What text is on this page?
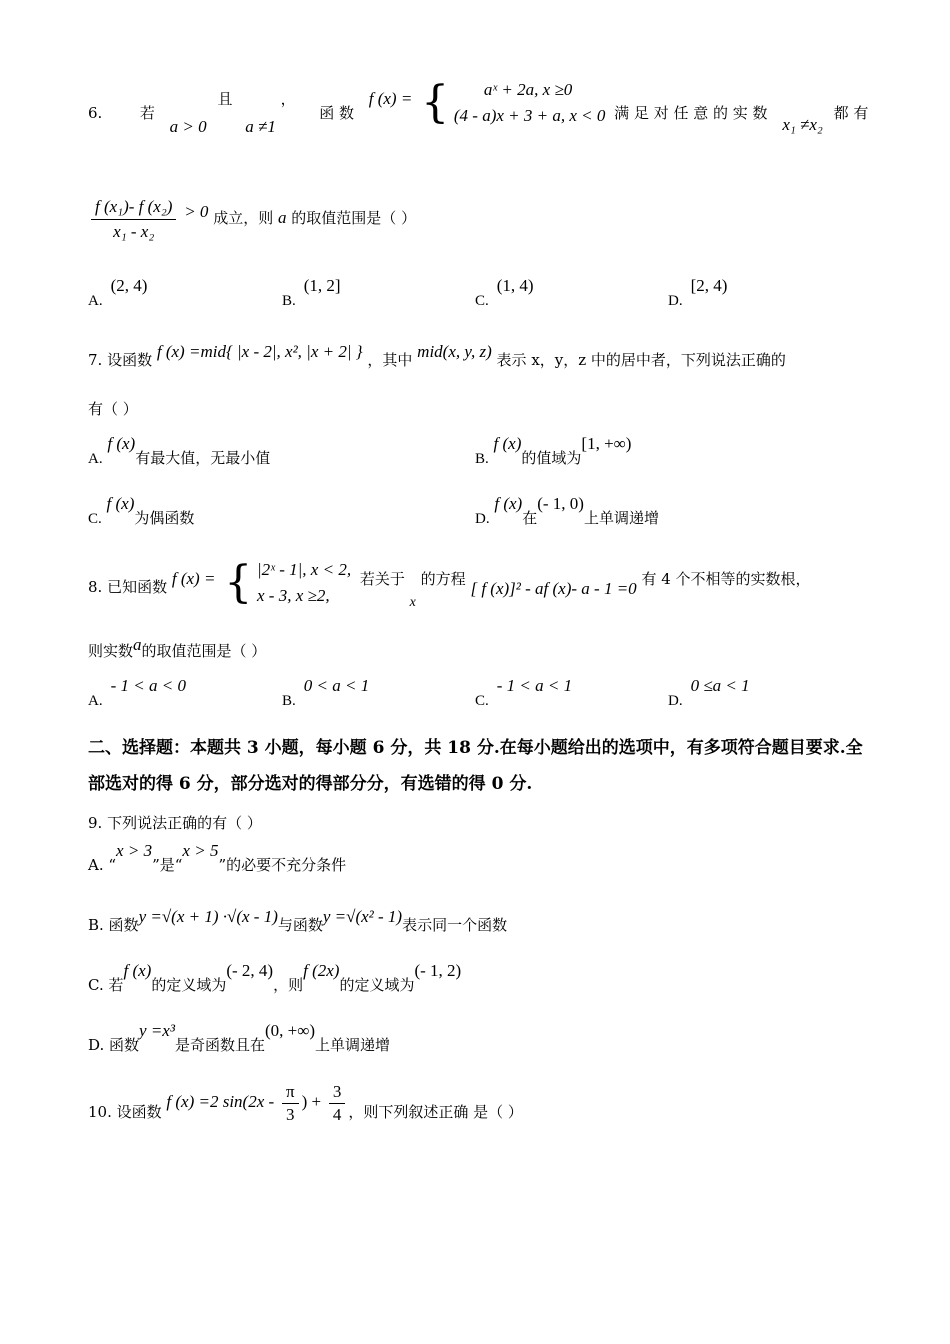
6.	若 a > 0 且 a ≠1 ，  函 数 f (x) = {	aˣ + 2a, x ≥0
(4 - a)x + 3 + a, x < 0 满 足 对 任 意 的 实 数 x₁ ≠x₂ 都 有
$\frac{\text{f (x₁)- f (x₂)}}{\text{x₁ - x₂}} > 0$ 成立，则 a 的取值范围是（ ）
A.(2, 4)
B.(1, 2]
C.(1, 4)
D.[2, 4)
7. 设函数 f (x) =mid{ |x - 2|, x², |x + 2| } ，其中 mid(x, y, z) 表示 x，y，z 中的居中者，下列说法正确的
有（ ）
A. f (x)有最大值，无最小值	B. f (x)的值域为[1, +∞)
C. f (x)为偶函数	D. f (x)在(- 1, 0)上单调递增
8. 已知函数 f (x) = { |2ˣ - 1|, x < 2,
x - 3, x ≥2,
若关于 x 的方程 [ f (x)]² - af (x)- a - 1 =0 有 4 个不相等的实数根，
则实数a的取值范围是（ ）
A.- 1 < a < 0
B.0 < a < 1
C.- 1 < a < 1
D.0 ≤a < 1
二、选择题：本题共 3 小题，每小题 6 分，共 18 分.在每小题给出的选项中，有多项符合题目要求.全部选对的得 6 分，部分选对的得部分分，有选错的得 0 分.
9. 下列说法正确的有（ ）
A. “x > 3”是“x > 5”的必要不充分条件
B. 函数y =√(x + 1) ·√(x - 1)与函数y =√(x² - 1)表示同一个函数
C. 若f (x)的定义域为(- 2, 4)，则f (2x)的定义域为(- 1, 2)
D. 函数y =x³是奇函数且在(0, +∞)上单调递增
10. 设函数 f (x) =2 $\sin(2x - \frac{\pi}{3}$ ) + $\frac{3}{4}$ ，则下列叙述正确 是（ ）
